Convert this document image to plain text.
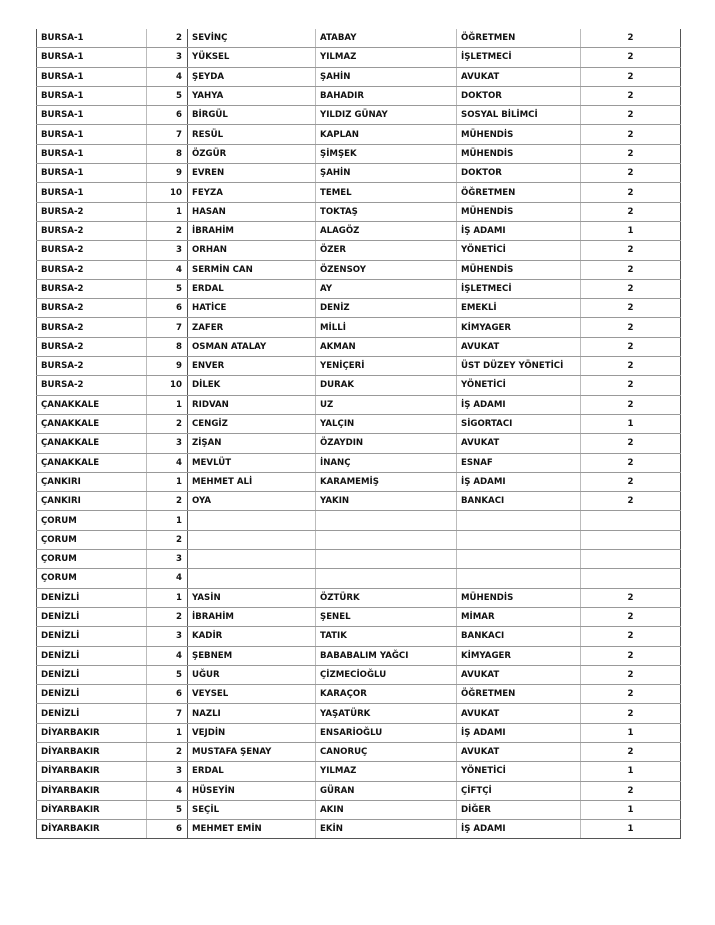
BURSA-1	2	SEVİNÇ	ATABAY	ÖĞRETMEN	2
BURSA-1	3	YÜKSEL	YILMAZ	İŞLETMECİ	2
BURSA-1	4	ŞEYDA	ŞAHİN	AVUKAT	2
BURSA-1	5	YAHYA	BAHADIR	DOKTOR	2
BURSA-1	6	BİRGÜL	YILDIZ GÜNAY	SOSYAL BİLİMCİ	2
BURSA-1	7	RESÜL	KAPLAN	MÜHENDİS	2
BURSA-1	8	ÖZGÜR	ŞİMŞEK	MÜHENDİS	2
BURSA-1	9	EVREN	ŞAHİN	DOKTOR	2
BURSA-1	10	FEYZA	TEMEL	ÖĞRETMEN	2
BURSA-2	1	HASAN	TOKTAŞ	MÜHENDİS	2
BURSA-2	2	İBRAHİM	ALAGÖZ	İŞ ADAMI	1
BURSA-2	3	ORHAN	ÖZER	YÖNETİCİ	2
BURSA-2	4	SERMİN CAN	ÖZENSOY	MÜHENDİS	2
BURSA-2	5	ERDAL	AY	İŞLETMECİ	2
BURSA-2	6	HATİCE	DENİZ	EMEKLİ	2
BURSA-2	7	ZAFER	MİLLİ	KİMYAGER	2
BURSA-2	8	OSMAN ATALAY	AKMAN	AVUKAT	2
BURSA-2	9	ENVER	YENİÇERİ	ÜST DÜZEY YÖNETİCİ	2
BURSA-2	10	DİLEK	DURAK	YÖNETİCİ	2
ÇANAKKALE	1	RIDVAN	UZ	İŞ ADAMI	2
ÇANAKKALE	2	CENGİZ	YALÇIN	SİGORTACI	1
ÇANAKKALE	3	ZİŞAN	ÖZAYDIN	AVUKAT	2
ÇANAKKALE	4	MEVLÜT	İNANÇ	ESNAF	2
ÇANKIRI	1	MEHMET ALİ	KARAMEMİŞ	İŞ ADAMI	2
ÇANKIRI	2	OYA	YAKIN	BANKACI	2
ÇORUM	1				
ÇORUM	2				
ÇORUM	3				
ÇORUM	4				
DENİZLİ	1	YASİN	ÖZTÜRK	MÜHENDİS	2
DENİZLİ	2	İBRAHİM	ŞENEL	MİMAR	2
DENİZLİ	3	KADİR	TATIK	BANKACI	2
DENİZLİ	4	ŞEBNEM	BABABALIM YAĞCI	KİMYAGER	2
DENİZLİ	5	UĞUR	ÇİZMECİOĞLU	AVUKAT	2
DENİZLİ	6	VEYSEL	KARAÇOR	ÖĞRETMEN	2
DENİZLİ	7	NAZLI	YAŞATÜRK	AVUKAT	2
DİYARBAKIR	1	VEJDİN	ENSARİOĞLU	İŞ ADAMI	1
DİYARBAKIR	2	MUSTAFA ŞENAY	CANORUÇ	AVUKAT	2
DİYARBAKIR	3	ERDAL	YILMAZ	YÖNETİCİ	1
DİYARBAKIR	4	HÜSEYİN	GÜRAN	ÇİFTÇİ	2
DİYARBAKIR	5	SEÇİL	AKIN	DİĞER	1
DİYARBAKIR	6	MEHMET EMİN	EKİN	İŞ ADAMI	1
